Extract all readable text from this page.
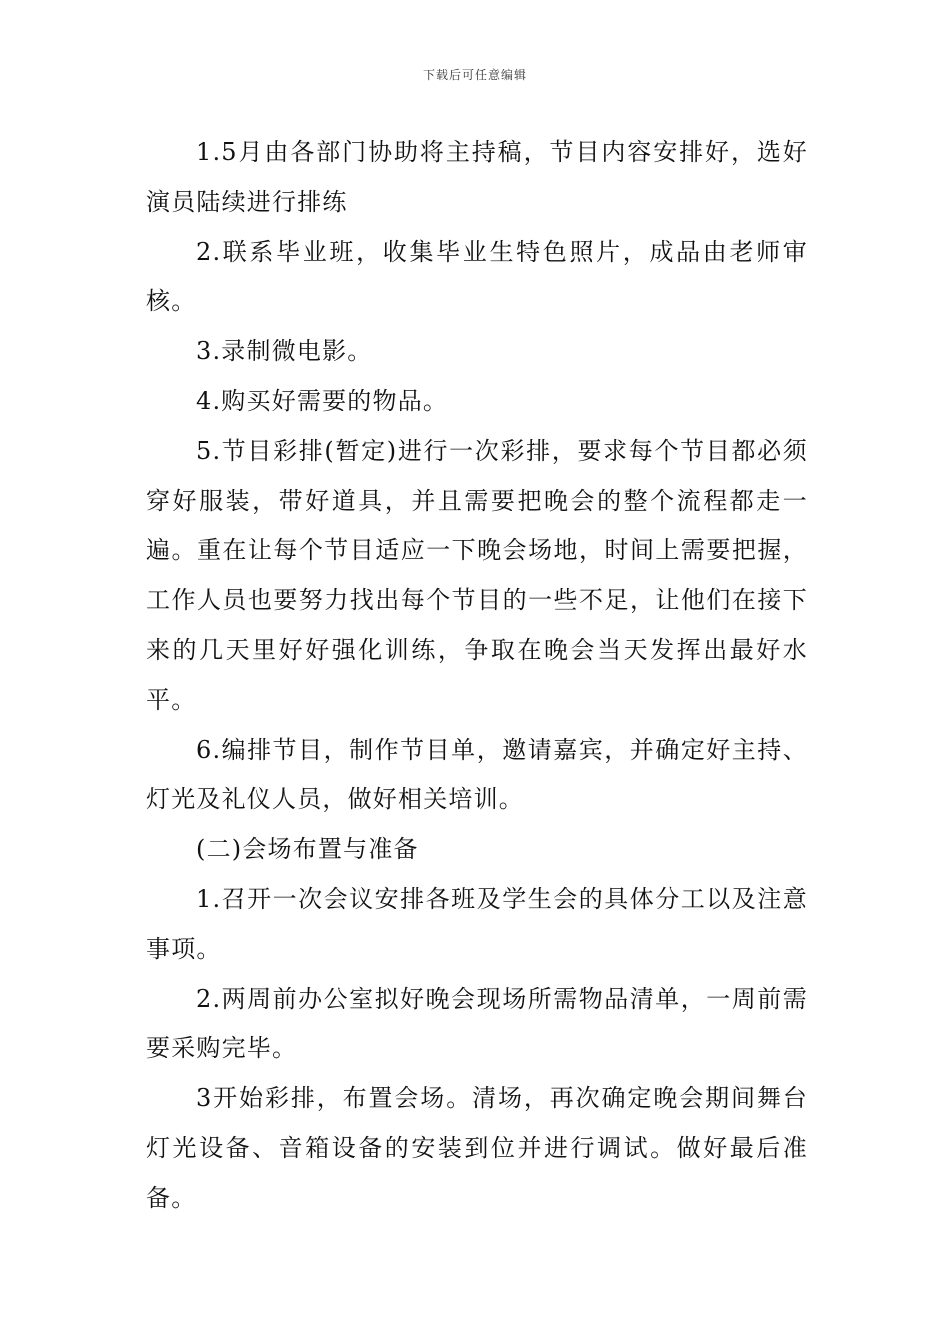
下载后可任意编辑

1.5月由各部门协助将主持稿，节目内容安排好，选好演员陆续进行排练

2.联系毕业班，收集毕业生特色照片，成品由老师审核。

3.录制微电影。

4.购买好需要的物品。

5.节目彩排(暂定)进行一次彩排，要求每个节目都必须穿好服装，带好道具，并且需要把晚会的整个流程都走一遍。重在让每个节目适应一下晚会场地，时间上需要把握，工作人员也要努力找出每个节目的一些不足，让他们在接下来的几天里好好强化训练，争取在晚会当天发挥出最好水平。

6.编排节目，制作节目单，邀请嘉宾，并确定好主持、灯光及礼仪人员，做好相关培训。

(二)会场布置与准备

1.召开一次会议安排各班及学生会的具体分工以及注意事项。

2.两周前办公室拟好晚会现场所需物品清单，一周前需要采购完毕。

3开始彩排，布置会场。清场，再次确定晚会期间舞台灯光设备、音箱设备的安装到位并进行调试。做好最后准备。
